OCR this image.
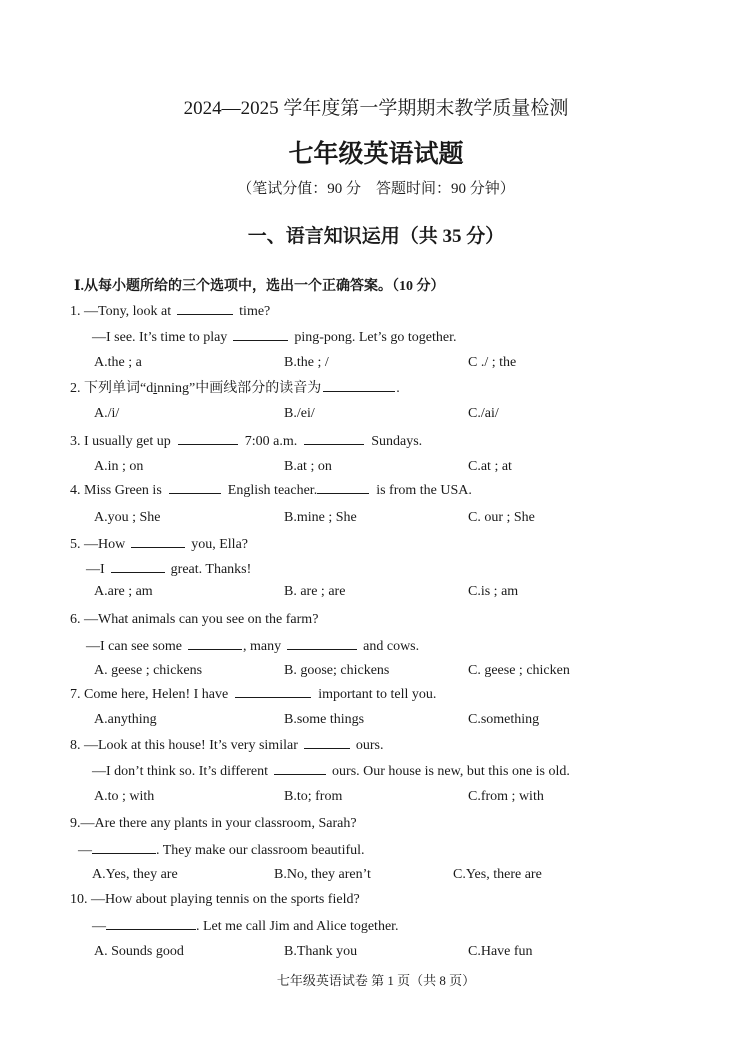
2024—2025 学年度第一学期期末教学质量检测
七年级英语试题
（笔试分值：90 分　答题时间：90 分钟）
一、语言知识运用（共 35 分）
Ⅰ.从每小题所给的三个选项中，选出一个正确答案。（10 分）
1. —Tony, look at	time?
—I see. It’s time to play	ping-pong. Let’s go together.
A.the ; a	B.the ; /	C ./ ; the
2. 下列单词“dinning”中画线部分的读音为	.
A./i/	B./ei/	C./ai/
3. I usually get up	7:00 a.m.	Sundays.
A.in ; on	B.at ; on	C.at ; at
4. Miss Green is	English teacher.	is from the USA.
A.you ; She	B.mine ; She	C. our ; She
5. —How	you, Ella?
—I	great. Thanks!
A.are ; am	B. are ; are	C.is ; am
6. —What animals can you see on the farm?
—I can see some	, many	and cows.
A. geese ; chickens	B. goose; chickens	C. geese ; chicken
7. Come here, Helen! I have	important to tell you.
A.anything	B.some things	C.something
8. —Look at this house! It’s very similar	ours.
—I don’t think so. It’s different	ours. Our house is new, but this one is old.
A.to ; with	B.to; from	C.from ; with
9.—Are there any plants in your classroom, Sarah?
—	. They make our classroom beautiful.
A.Yes, they are	B.No, they aren’t	C.Yes, there are
10. —How about playing tennis on the sports field?
—	. Let me call Jim and Alice together.
A. Sounds good	B.Thank you	C.Have fun
七年级英语试卷 第 1 页（共 8 页）
